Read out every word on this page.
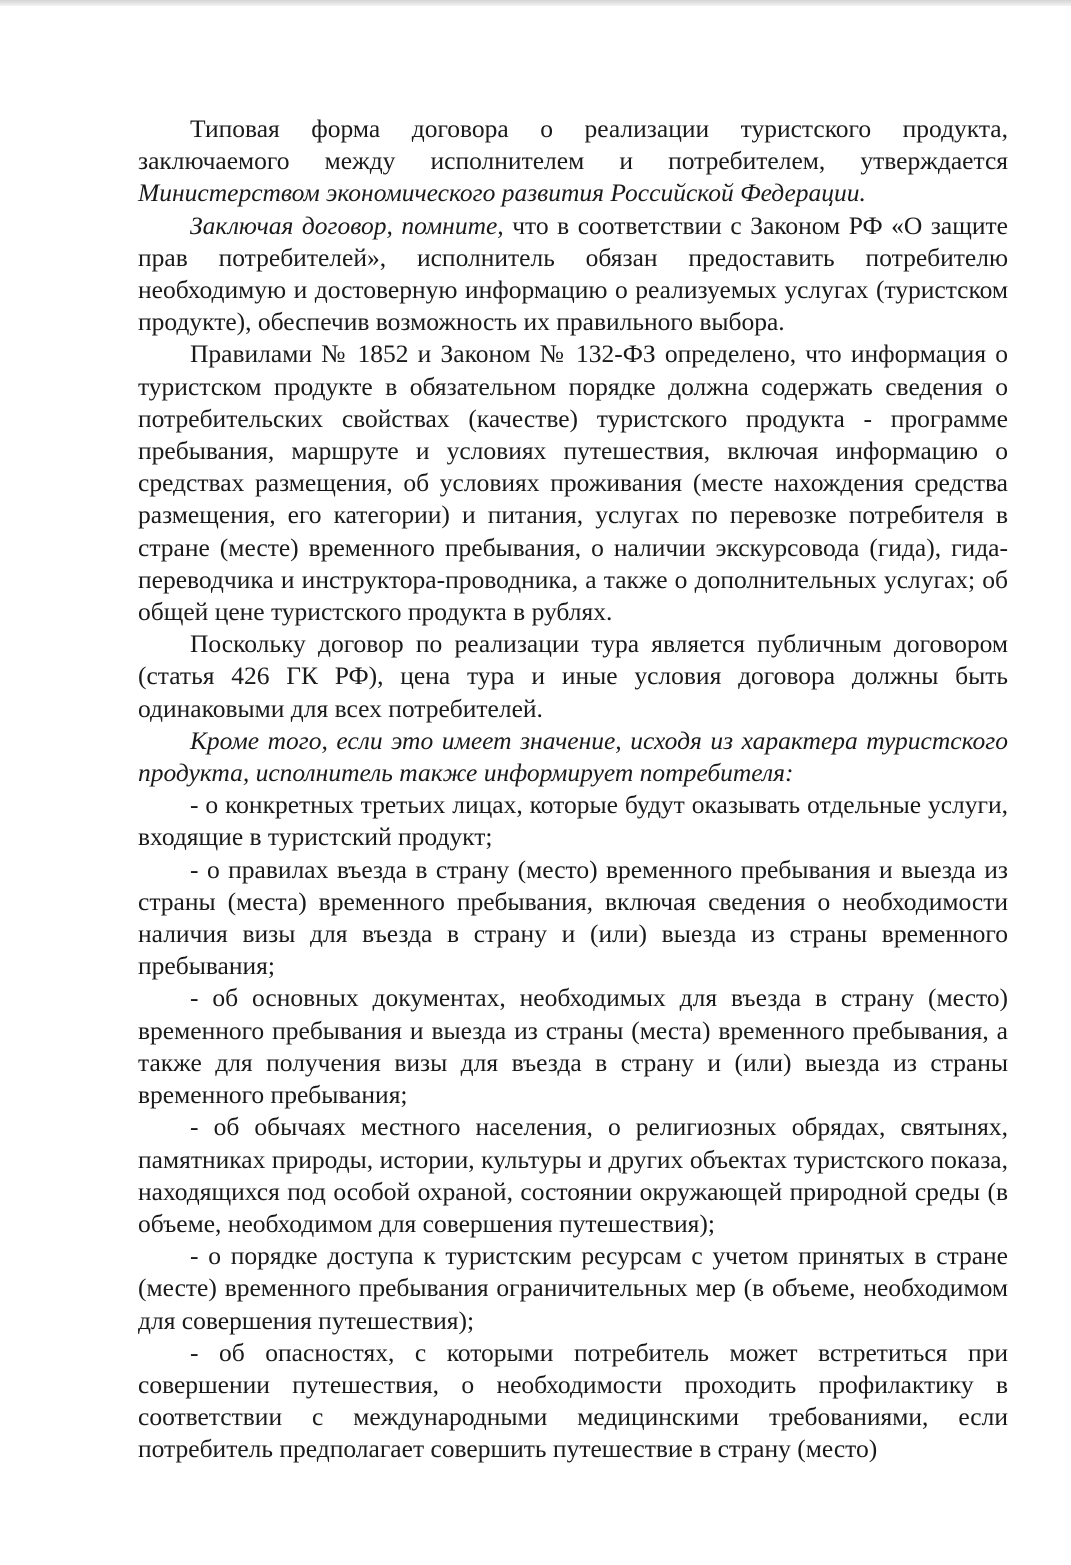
Типовая форма договора о реализации туристского продукта, заключаемого между исполнителем и потребителем, утверждается Министерством экономического развития Российской Федерации.

Заключая договор, помните, что в соответствии с Законом РФ «О защите прав потребителей», исполнитель обязан предоставить потребителю необходимую и достоверную информацию о реализуемых услугах (туристском продукте), обеспечив возможность их правильного выбора.

Правилами № 1852 и Законом № 132-ФЗ определено, что информация о туристском продукте в обязательном порядке должна содержать сведения о потребительских свойствах (качестве) туристского продукта - программе пребывания, маршруте и условиях путешествия, включая информацию о средствах размещения, об условиях проживания (месте нахождения средства размещения, его категории) и питания, услугах по перевозке потребителя в стране (месте) временного пребывания, о наличии экскурсовода (гида), гида-переводчика и инструктора-проводника, а также о дополнительных услугах; об общей цене туристского продукта в рублях.

Поскольку договор по реализации тура является публичным договором (статья 426 ГК РФ), цена тура и иные условия договора должны быть одинаковыми для всех потребителей.

Кроме того, если это имеет значение, исходя из характера туристского продукта, исполнитель также информирует потребителя:

- о конкретных третьих лицах, которые будут оказывать отдельные услуги, входящие в туристский продукт;

- о правилах въезда в страну (место) временного пребывания и выезда из страны (места) временного пребывания, включая сведения о необходимости наличия визы для въезда в страну и (или) выезда из страны временного пребывания;

- об основных документах, необходимых для въезда в страну (место) временного пребывания и выезда из страны (места) временного пребывания, а также для получения визы для въезда в страну и (или) выезда из страны временного пребывания;

- об обычаях местного населения, о религиозных обрядах, святынях, памятниках природы, истории, культуры и других объектах туристского показа, находящихся под особой охраной, состоянии окружающей природной среды (в объеме, необходимом для совершения путешествия);

- о порядке доступа к туристским ресурсам с учетом принятых в стране (месте) временного пребывания ограничительных мер (в объеме, необходимом для совершения путешествия);

- об опасностях, с которыми потребитель может встретиться при совершении путешествия, о необходимости проходить профилактику в соответствии с международными медицинскими требованиями, если потребитель предполагает совершить путешествие в страну (место)
